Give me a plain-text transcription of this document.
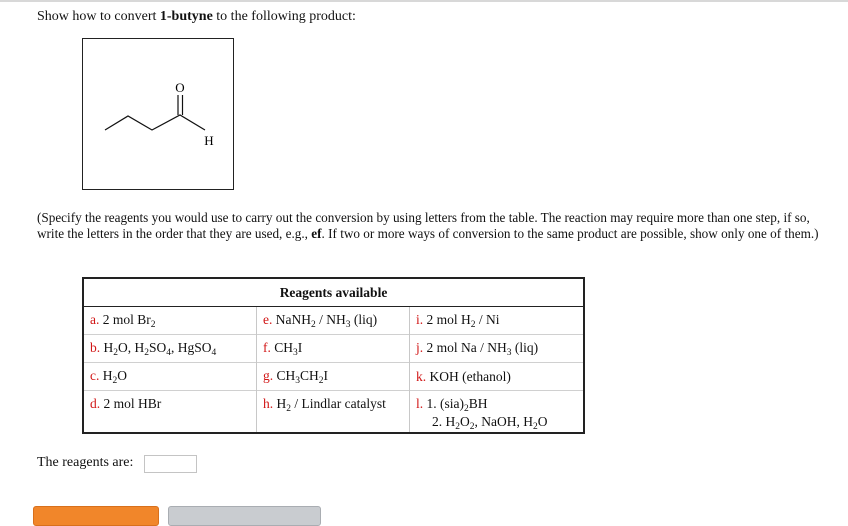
Show how to convert 1-butyne to the following product:
O
H
(Specify the reagents you would use to carry out the conversion by using letters from the table. The reaction may require more than one step, if so, write the letters in the order that they are used, e.g., ef. If two or more ways of conversion to the same product are possible, show only one of them.)
Reagents available		
a. 2 mol $Br_2$	e. NaNH$_2$ / $NH_3$ (liq)	i. 2 mol $H_2$ / Ni
b. $H_2O$, $H_2SO_4$, HgSO$_4$	f. $CH_3I$	j. 2 mol Na / $NH_3$ (liq)
c. $H_2O$	g. $CH_3CH_2I$	k. KOH (ethanol)
d. 2 mol HBr	h. $H_2$ / Lindlar catalyst	l. 1. $(sia)_2BH$
2. $H_2O_2$, NaOH, $H_2O$
The reagents are:
